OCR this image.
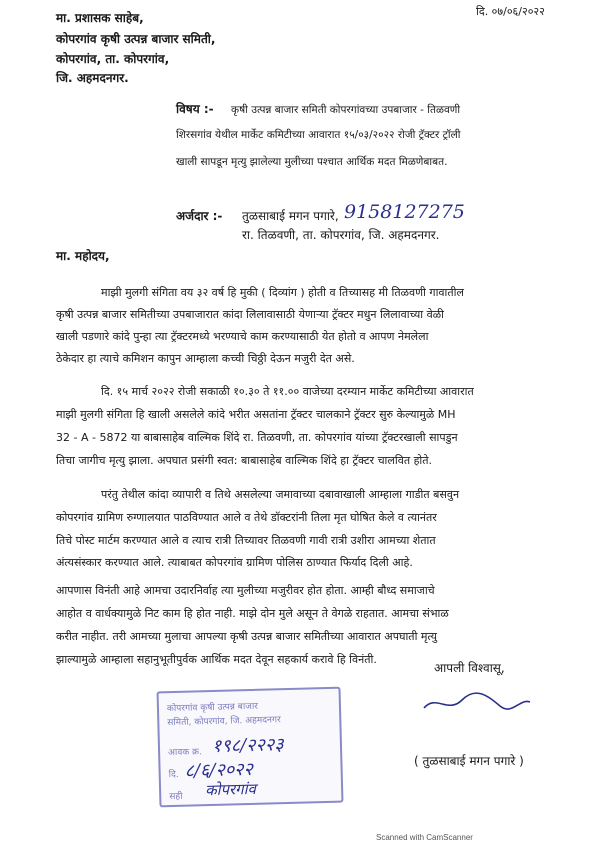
दि. ०७/०६/२०२२
मा. प्रशासक साहेब,
कोपरगांव कृषी उत्पन्न बाजार समिती,
कोपरगांव, ता. कोपरगांव,
जि. अहमदनगर.
विषय :- कृषी उत्पन्न बाजार समिती कोपरगांवच्या उपबाजार - तिळवणी
शिरसगांव येथील मार्केट कमिटीच्या आवारात १५/०३/२०२२ रोजी ट्रॅक्टर ट्रॉली
खाली सापडून मृत्यु झालेल्या मुलीच्या पश्चात आर्थिक मदत मिळणेबाबत.
अर्जदार :- तुळसाबाई मगन पगारे, 9158127275
रा. तिळवणी, ता. कोपरगांव, जि. अहमदनगर.
मा. महोदय,
माझी मुलगी संगिता वय ३२ वर्ष हि मुकी ( दिव्यांग ) होती व तिच्यासह मी तिळवणी गावातील
कृषी उत्पन्न बाजार समितीच्या उपबाजारात कांदा लिलावासाठी येणाऱ्या ट्रॅक्टर मधुन लिलावाच्या वेळी
खाली पडणारे कांदे पुन्हा त्या ट्रॅक्टरमध्ये भरण्याचे काम करण्यासाठी येत होतो व आपण नेमलेला
ठेकेदार हा त्याचे कमिशन कापुन आम्हाला कच्ची चिठ्ठी देऊन मजुरी देत असे.
दि. १५ मार्च २०२२ रोजी सकाळी १०.३० ते ११.०० वाजेच्या दरम्यान मार्केट कमिटीच्या आवारात
माझी मुलगी संगिता हि खाली असलेले कांदे भरीत असतांना ट्रॅक्टर चालकाने ट्रॅक्टर सुरु केल्यामुळे MH
32 - A - 5872 या बाबासाहेब वाल्मिक शिंदे रा. तिळवणी, ता. कोपरगांव यांच्या ट्रॅक्टरखाली सापडुन
तिचा जागीच मृत्यु झाला. अपघात प्रसंगी स्वत: बाबासाहेब वाल्मिक शिंदे हा ट्रॅक्टर चालवित होते.
परंतु तेथील कांदा व्यापारी व तिथे असलेल्या जमावाच्या दबावाखाली आम्हाला गाडीत बसवुन
कोपरगांव ग्रामिण रुग्णालयात पाठविण्यात आले व तेथे डॉक्टरांनी तिला मृत घोषित केले व त्यानंतर
तिचे पोस्ट मार्टम करण्यात आले व त्याच रात्री तिच्यावर तिळवणी गावी रात्री उशीरा आमच्या शेतात
अंत्यसंस्कार करण्यात आले. त्याबाबत कोपरगांव ग्रामिण पोलिस ठाण्यात फिर्याद दिली आहे.
आपणास विनंती आहे आमचा उदारनिर्वाह त्या मुलीच्या मजुरीवर होत होता. आम्ही बौध्द समाजाचे
आहोत व वार्धक्यामुळे निट काम हि होत नाही. माझे दोन मुले असून ते वेगळे राहतात. आमचा संभाळ
करीत नाहीत. तरी आमच्या मुलाचा आपल्या कृषी उत्पन्न बाजार समितीच्या आवारात अपघाती मृत्यु
झाल्यामुळे आम्हाला सहानुभूतीपुर्वक आर्थिक मदत देवून सहकार्य करावे हि विनंती.
आपली विश्वासू,
( तुळसाबाई मगन पगारे )
कोपरगांव कृषी उत्पन्न बाजार
समिती, कोपरगांव, जि. अहमदनगर
आवक क्र. १९८/२२२३
दि. ८/६/२०२२
सही कोपरगांव
Scanned with CamScanner
